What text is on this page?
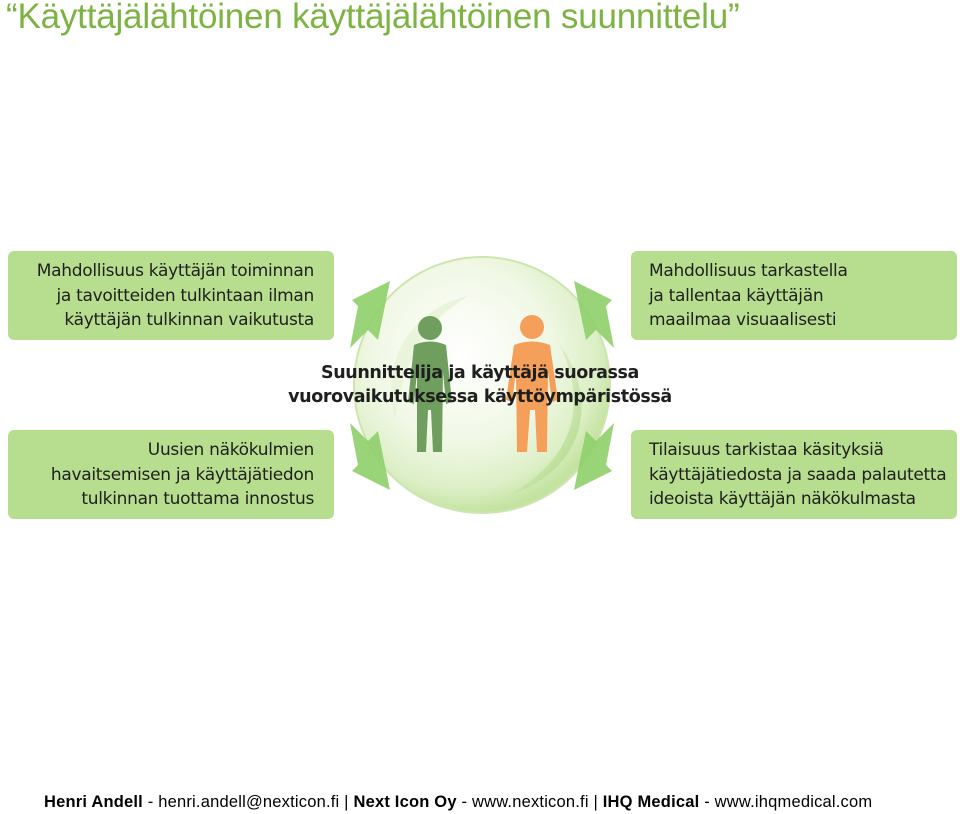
“Käyttäjälähtöinen käyttäjälähtöinen suunnittelu”
Mahdollisuus käyttäjän toiminnan
ja tavoitteiden tulkintaan ilman
käyttäjän tulkinnan vaikutusta
Mahdollisuus tarkastella
ja tallentaa käyttäjän
maailmaa visuaalisesti
Uusien näkökulmien
havaitsemisen ja käyttäjätiedon
tulkinnan tuottama innostus
Tilaisuus tarkistaa käsityksiä
käyttäjätiedosta ja saada palautetta
ideoista käyttäjän näkökulmasta
Suunnittelija ja käyttäjä suorassa
vuorovaikutuksessa käyttöympäristössä
Henri Andell - henri.andell@nexticon.fi | Next Icon Oy - www.nexticon.fi | IHQ Medical - www.ihqmedical.com
